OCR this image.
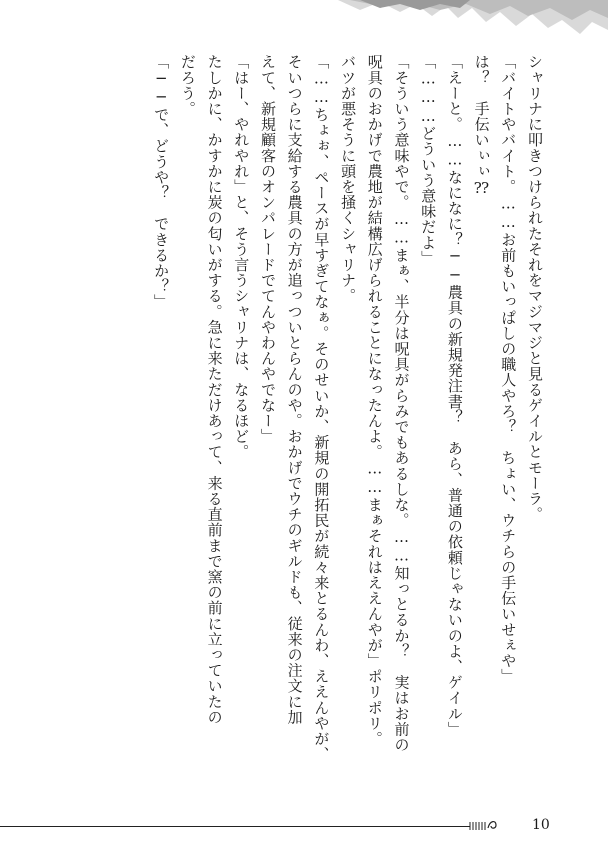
シャリナに叩きつけられたそれをマジマジと見るゲイルとモーラ。
「バイトやバイト。……お前もいっぱしの職人やろ？　ちょい、ウチらの手伝いせぇや」
は？　手伝いぃぃ⁇
「えーと。……なになに？──農具の新規発注書？　あら、普通の依頼じゃないのよ、ゲイル」
「………どういう意味だよ」
「そういう意味やで。……まぁ、半分は呪具がらみでもあるしな。……知っとるか？　実はお前の
呪具のおかげで農地が結構広げられることになったんよ。……まぁそれはええんやが」ポリポリ。
バツが悪そうに頭を掻くシャリナ。
「……ちょぉ、ペースが早すぎてなぁ。そのせいか、新規の開拓民が続々来とるんわ、ええんやが、
そいつらに支給する農具の方が追っついとらんのや。おかげでウチのギルドも、従来の注文に加
えて、新規顧客のオンパレードでてんやわんやでなー」
「はー、やれやれ」と、そう言うシャリナは、なるほど。
たしかに、かすかに炭の匂いがする。急に来ただけあって、来る直前まで窯の前に立っていたの
だろう。
「──で、どうや？　できるか？」
10
